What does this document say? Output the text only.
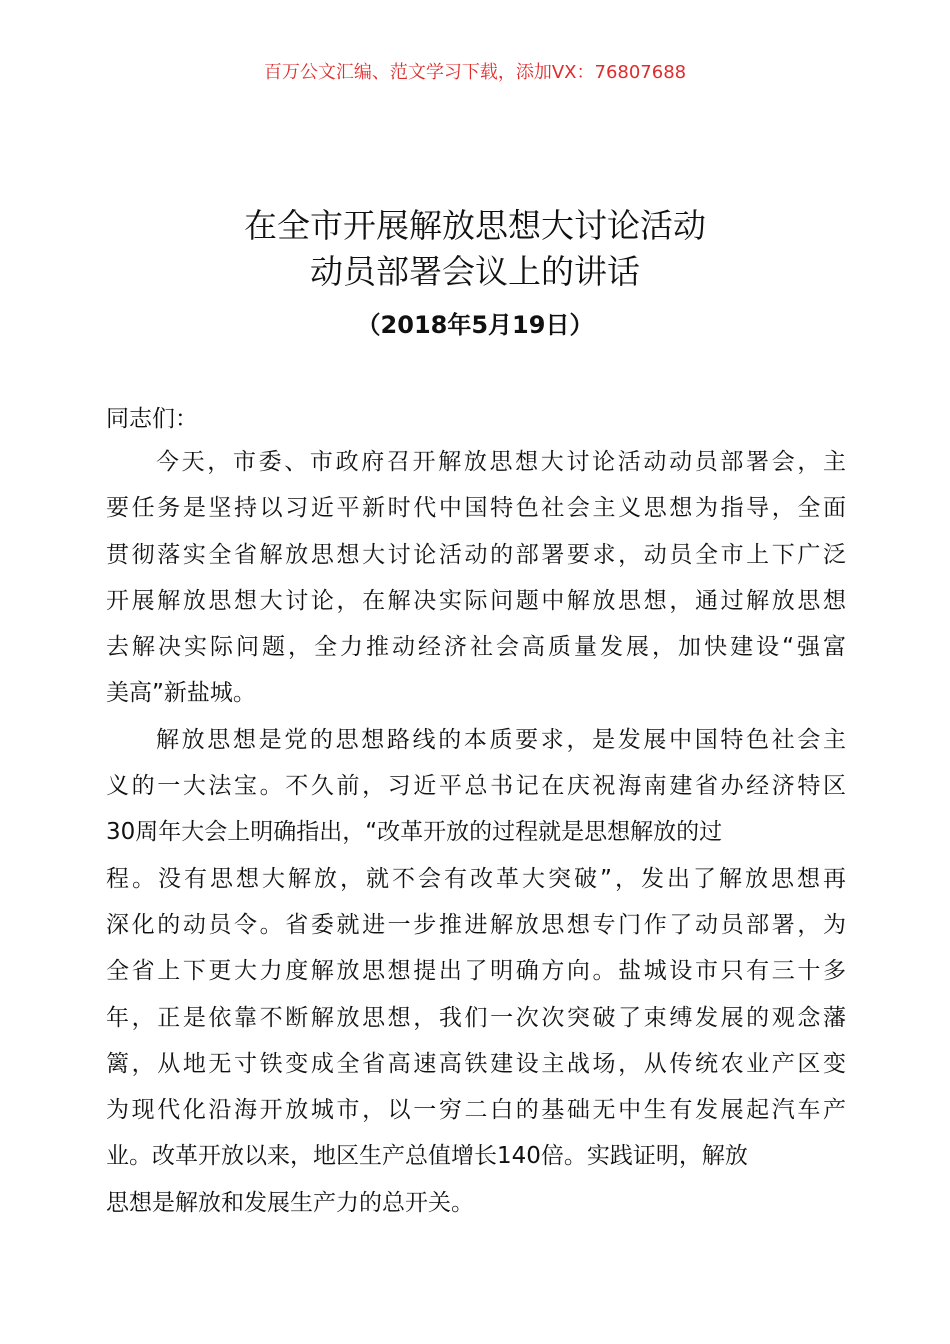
百万公文汇编、范文学习下载，添加VX：76807688
在全市开展解放思想大讨论活动
动员部署会议上的讲话
（2018年5月19日）
同志们：
今天，市委、市政府召开解放思想大讨论活动动员部署会，主
要任务是坚持以习近平新时代中国特色社会主义思想为指导，全面
贯彻落实全省解放思想大讨论活动的部署要求，动员全市上下广泛
开展解放思想大讨论，在解决实际问题中解放思想，通过解放思想
去解决实际问题，全力推动经济社会高质量发展，加快建设“强富
美高”新盐城。
解放思想是党的思想路线的本质要求，是发展中国特色社会主
义的一大法宝。不久前，习近平总书记在庆祝海南建省办经济特区
30周年大会上明确指出，“改革开放的过程就是思想解放的过
程。没有思想大解放，就不会有改革大突破”，发出了解放思想再
深化的动员令。省委就进一步推进解放思想专门作了动员部署，为
全省上下更大力度解放思想提出了明确方向。盐城设市只有三十多
年，正是依靠不断解放思想，我们一次次突破了束缚发展的观念藩
篱，从地无寸铁变成全省高速高铁建设主战场，从传统农业产区变
为现代化沿海开放城市，以一穷二白的基础无中生有发展起汽车产
业。改革开放以来，地区生产总值增长140倍。实践证明，解放
思想是解放和发展生产力的总开关。
